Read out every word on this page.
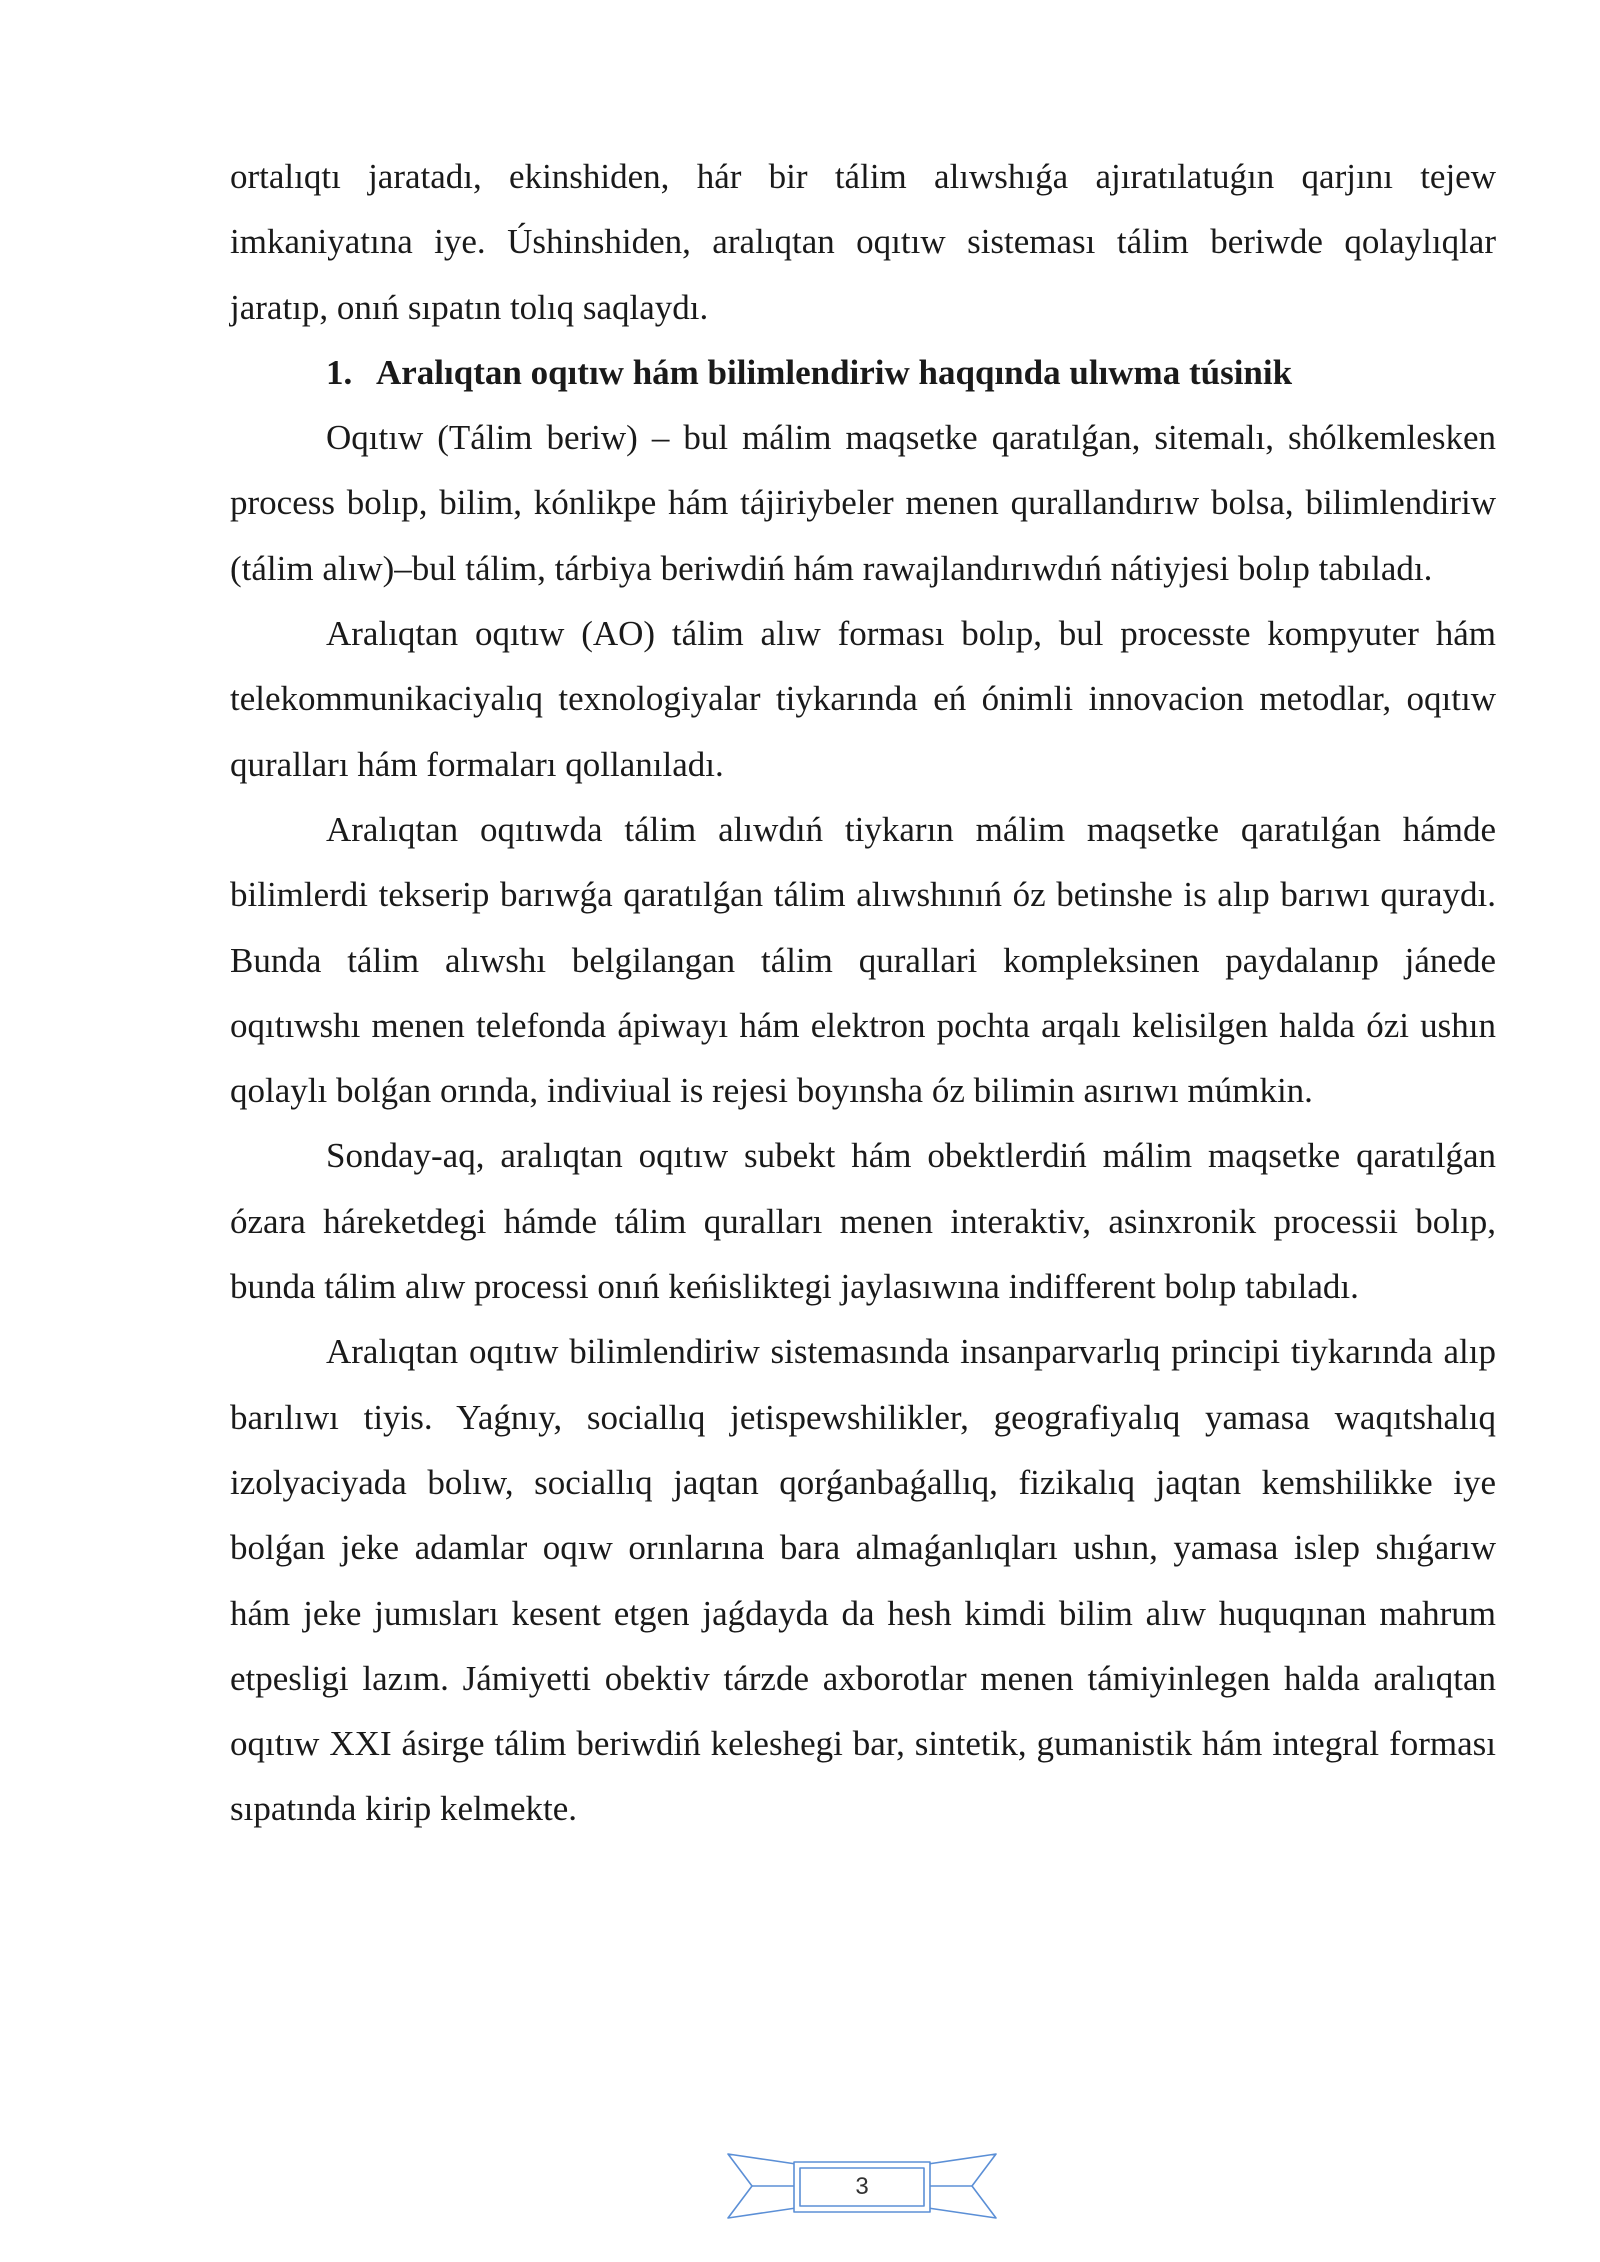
ortalıqtı jaratadı, ekinshiden, hár bir tálim alıwshıǵa ajıratılatuǵın qarjını tejew imkaniyatına iye. Úshinshiden, aralıqtan oqıtıw sisteması tálim beriwde qolaylıqlar jaratıp, onıń sıpatın tolıq saqlaydı.

1. Aralıqtan oqıtıw hám bilimlendiriw haqqında ulıwma túsinik

Oqıtıw (Tálim beriw) – bul málim maqsetke qaratılǵan, sitemalı, shólkemlesken process bolıp, bilim, kónlikpe hám tájiriybeler menen qurallandırıw bolsa, bilimlendiriw (tálim alıw)–bul tálim, tárbiya beriwdiń hám rawajlandırıwdıń nátiyjesi bolıp tabıladı.

Aralıqtan oqıtıw (AO) tálim alıw forması bolıp, bul processte kompyuter hám telekommunikaciyalıq texnologiyalar tiykarında eń ónimli innovacion metodlar, oqıtıw quralları hám formaları qollanıladı.

Aralıqtan oqıtıwda tálim alıwdıń tiykarın málim maqsetke qaratılǵan hámde bilimlerdi tekserip barıwǵa qaratılǵan tálim alıwshınıń óz betinshe is alıp barıwı quraydı. Bunda tálim alıwshı belgilangan tálim qurallari kompleksinen paydalanıp jánede oqıtıwshı menen telefonda ápiwayı hám elektron pochta arqalı kelisilgen halda ózi ushın qolaylı bolǵan orında, indiviual is rejesi boyınsha óz bilimin asırıwı múmkin.

Sonday-aq, aralıqtan oqıtıw subekt hám obektlerdiń málim maqsetke qaratılǵan ózara háreketdegi hámde tálim quralları menen interaktiv, asinxronik processii bolıp, bunda tálim alıw processi onıń keńisliktegi jaylasıwına indifferent bolıp tabıladı.

Aralıqtan oqıtıw bilimlendiriw sistemasında insanparvarlıq principi tiykarında alıp barılıwı tiyis. Yaǵnıy, sociallıq jetispewshilikler, geografiyalıq yamasa waqıtshalıq izolyaciyada bolıw, sociallıq jaqtan qorǵanbaǵallıq, fizikalıq jaqtan kemshilikke iye bolǵan jeke adamlar oqıw orınlarına bara almaǵanlıqları ushın, yamasa islep shıǵarıw hám jeke jumısları kesent etgen jaǵdayda da hesh kimdi bilim alıw huquqınan mahrum etpesligi lazım. Jámiyetti obektiv tárzde axborotlar menen támiyinlegen halda aralıqtan oqıtıw XXI ásirge tálim beriwdiń keleshegi bar, sintetik, gumanistik hám integral forması sıpatında kirip kelmekte.

3
